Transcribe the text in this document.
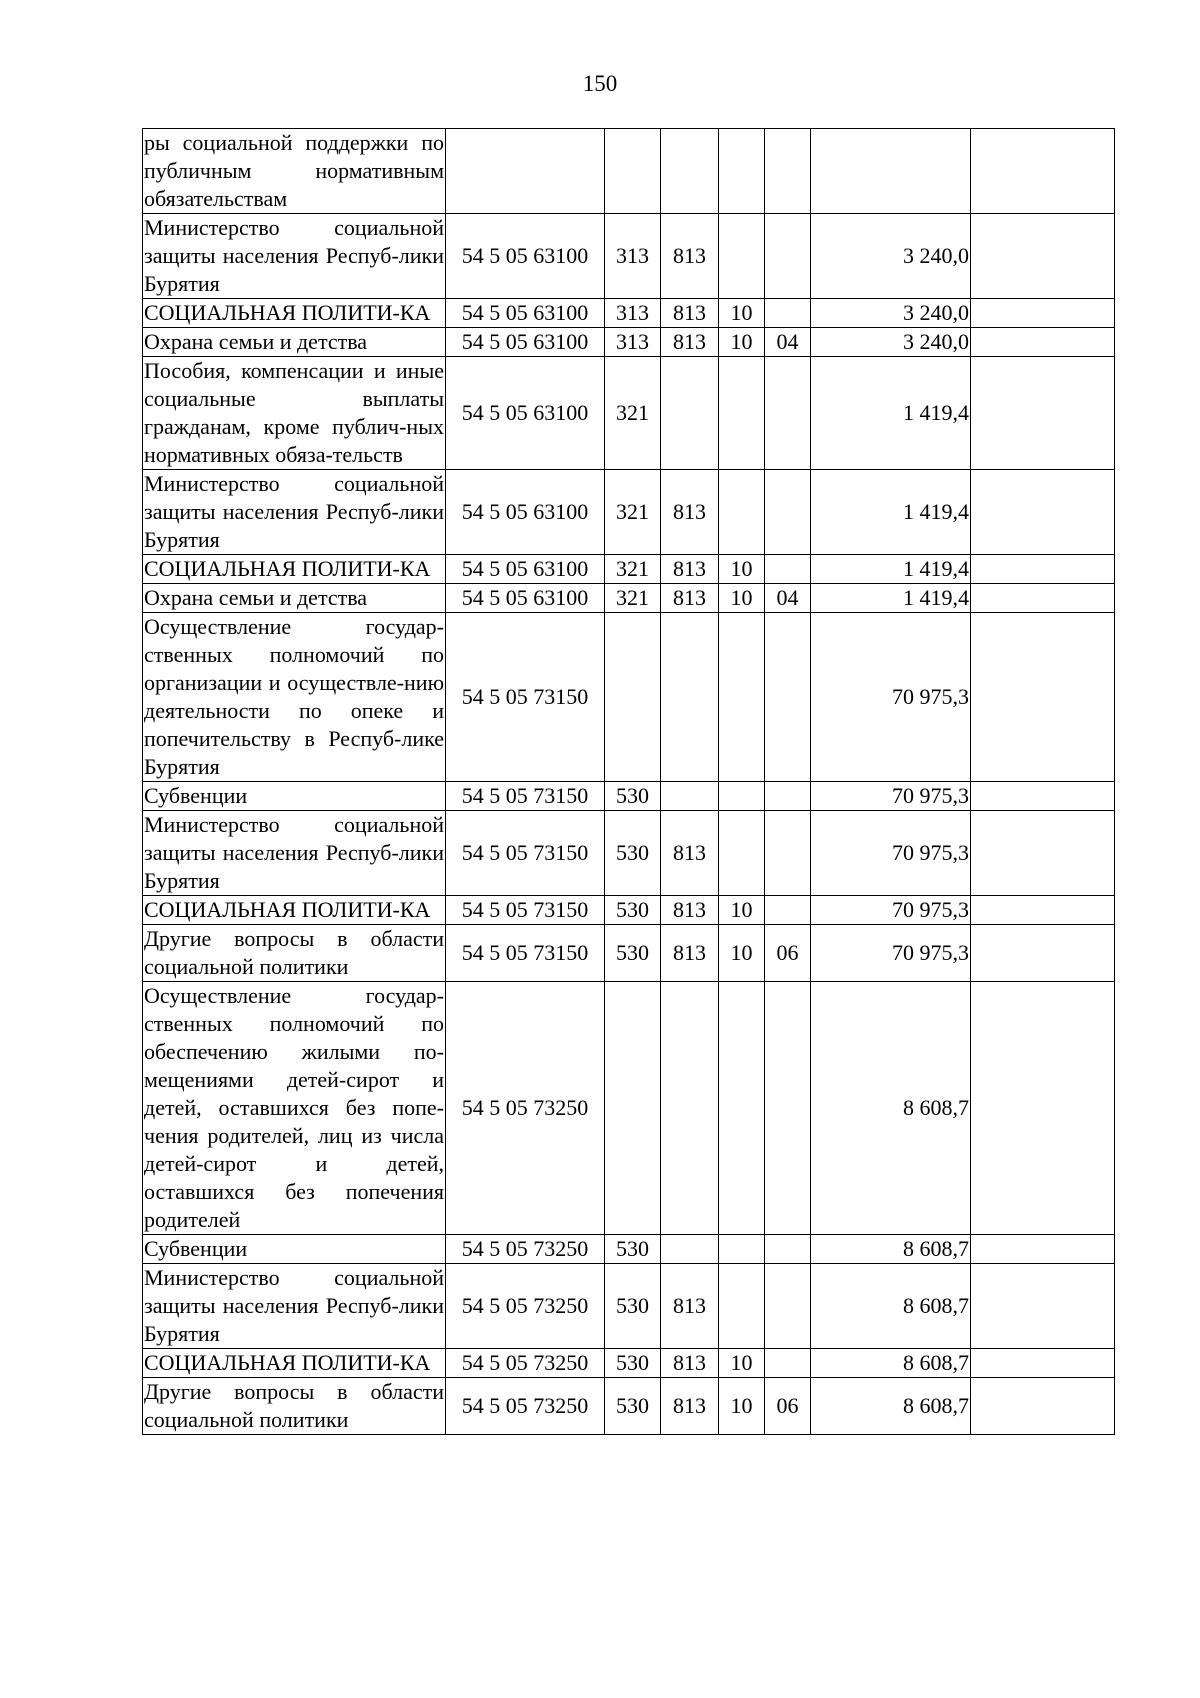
150
ры социальной поддержки по публичным нормативным обязательствам							
Министерство социальной защиты населения Респуб-лики Бурятия	54 5 05 63100	313	813			3 240,0	
СОЦИАЛЬНАЯ ПОЛИТИ-КА	54 5 05 63100	313	813	10		3 240,0	
Охрана семьи и детства	54 5 05 63100	313	813	10	04	3 240,0	
Пособия, компенсации и иные социальные выплаты гражданам, кроме публич-ных нормативных обяза-тельств	54 5 05 63100	321				1 419,4	
Министерство социальной защиты населения Респуб-лики Бурятия	54 5 05 63100	321	813			1 419,4	
СОЦИАЛЬНАЯ ПОЛИТИ-КА	54 5 05 63100	321	813	10		1 419,4	
Охрана семьи и детства	54 5 05 63100	321	813	10	04	1 419,4	
Осуществление государ-ственных полномочий по организации и осуществле-нию деятельности по опеке и попечительству в Респуб-лике Бурятия	54 5 05 73150					70 975,3	
Субвенции	54 5 05 73150	530				70 975,3	
Министерство социальной защиты населения Респуб-лики Бурятия	54 5 05 73150	530	813			70 975,3	
СОЦИАЛЬНАЯ ПОЛИТИ-КА	54 5 05 73150	530	813	10		70 975,3	
Другие вопросы в области социальной политики	54 5 05 73150	530	813	10	06	70 975,3	
Осуществление государ-ственных полномочий по обеспечению жилыми по-мещениями детей-сирот и детей, оставшихся без попе-чения родителей, лиц из числа детей-сирот и детей, оставшихся без попечения родителей	54 5 05 73250					8 608,7	
Субвенции	54 5 05 73250	530				8 608,7	
Министерство социальной защиты населения Респуб-лики Бурятия	54 5 05 73250	530	813			8 608,7	
СОЦИАЛЬНАЯ ПОЛИТИ-КА	54 5 05 73250	530	813	10		8 608,7	
Другие вопросы в области социальной политики	54 5 05 73250	530	813	10	06	8 608,7	
